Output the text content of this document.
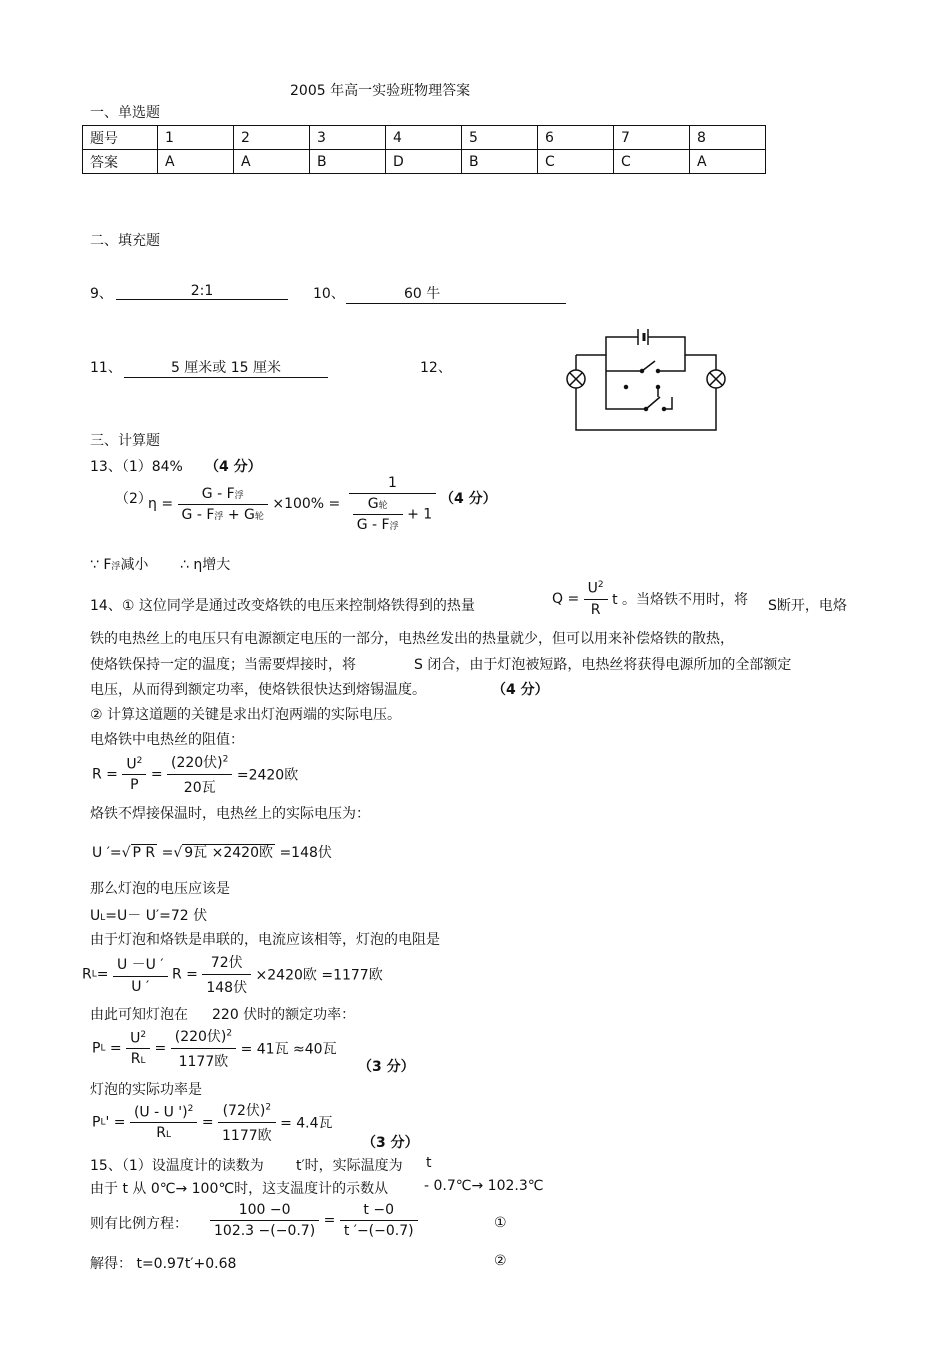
2005 年高一实验班物理答案
一、单选题
题号	1	2	3	4	5	6	7	8
答案	A	A	B	D	B	C	C	A
二、填充题
9、	2:1	10、	60 牛
11、	5 厘米或 15 厘米	12、
三、计算题
13、（1）84% （4 分）
（2）
$\eta = \frac{\text{G - F浮}}{\text{G - F浮 + G轮}} \times 100\% = \frac{1}{\frac{\text{G轮}}{\text{G - F浮}} + 1} (4$ 分）
∵ F浮减小 ∴ η增大
14、① 这位同学是通过改变烙铁的电压来控制烙铁得到的热量	$Q = \frac{U^2}{R}$ t 。当烙铁不用时，将 S断开，电烙
铁的电热丝上的电压只有电源额定电压的一部分，电热丝发出的热量就少，但可以用来补偿烙铁的散热，
使烙铁保持一定的温度；当需要焊接时，将	S 闭合，由于灯泡被短路，电热丝将获得电源所加的全部额定
电压，从而得到额定功率，使烙铁很快达到熔锡温度。	（4 分）
② 计算这道题的关键是求出灯泡两端的实际电压。
电烙铁中电热丝的阻值：
$R = \frac{U^2}{P} = \frac{(220伏)^2}{\text{20瓦}} =2420$欧
烙铁不焊接保温时，电热丝上的实际电压为：
U ′=√ P R =√ 9瓦 ×2420欧 =148伏
那么灯泡的电压应该是
UL=U－ U′=72 伏
由于灯泡和烙铁是串联的，电流应该相等，灯泡的电阻是
$RL= \frac{U -U '}{U '}$ $R = \frac{\text{72伏}}{\text{148伏}} \times 2420$欧 =1177欧
由此可知灯泡在 220 伏时的额定功率：
PL = $\frac{U^2}{RL} = \frac{(220伏)^2}{\text{1177欧}} = 41$瓦 ≈40瓦
（3 分）
灯泡的实际功率是
$PL' = \frac{(U - U ')^2}{RL} = \frac{(72伏)^2}{\text{1177欧}} = 4.4$瓦
（3 分）
15、（1）设温度计的读数为 t′时，实际温度为 t
由于 t 从 0℃→ 100℃时，这支温度计的示数从	- 0.7℃→ 102.3℃
则有比例方程： $\frac{100 -0}{102.3 -(-0.7)} = \frac{t -0}{t '-(-0.7)}$	①
解得： t=0.97t′+0.68	②
